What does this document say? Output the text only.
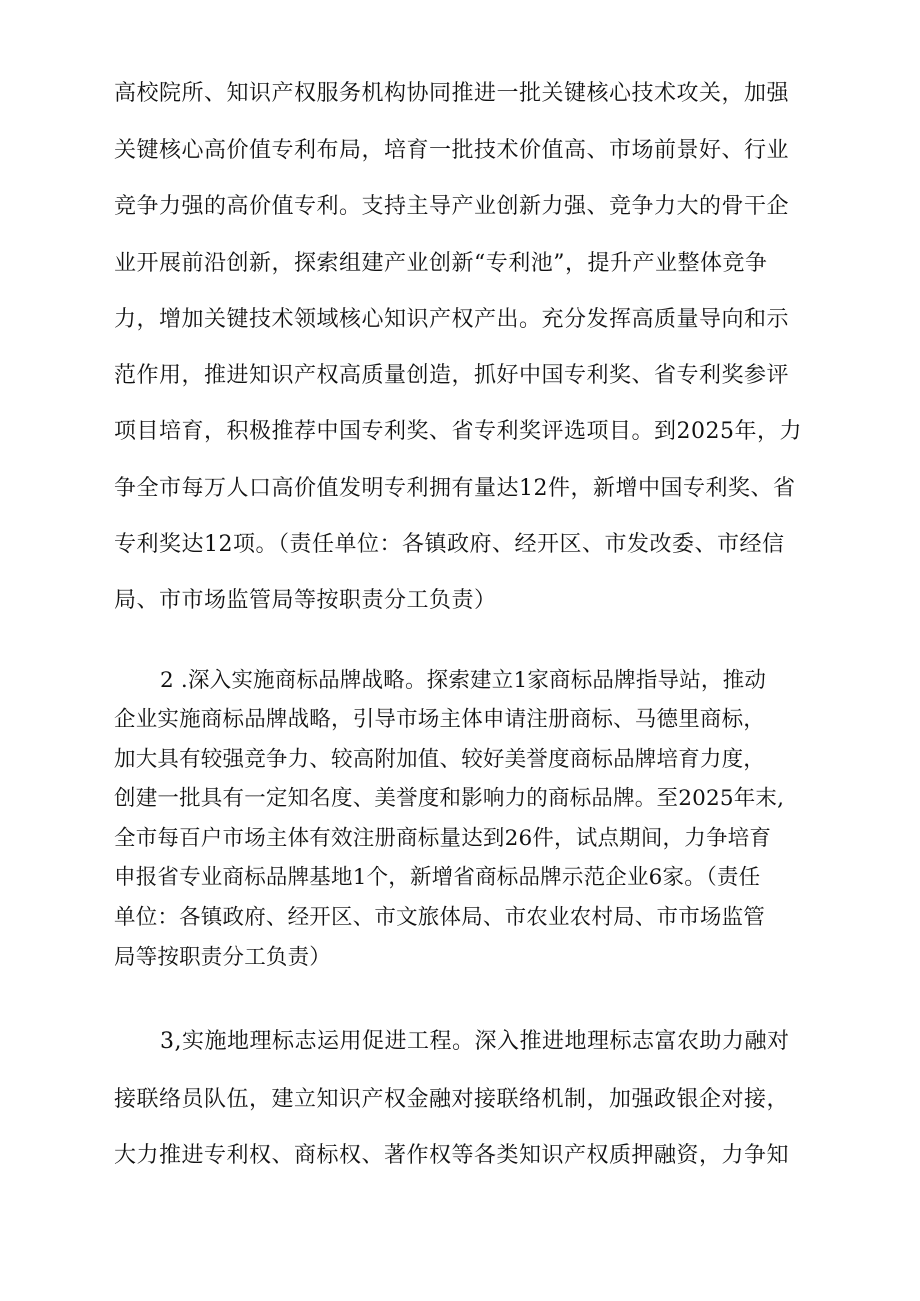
高校院所、知识产权服务机构协同推进一批关键核心技术攻关，加强
关键核心高价值专利布局，培育一批技术价值高、市场前景好、行业
竞争力强的高价值专利。支持主导产业创新力强、竞争力大的骨干企
业开展前沿创新，探索组建产业创新“专利池”，提升产业整体竞争
力，增加关键技术领域核心知识产权产出。充分发挥高质量导向和示
范作用，推进知识产权高质量创造，抓好中国专利奖、省专利奖参评
项目培育，积极推荐中国专利奖、省专利奖评选项目。到2025年，力
争全市每万人口高价值发明专利拥有量达12件，新增中国专利奖、省
专利奖达12项。（责任单位：各镇政府、经开区、市发改委、市经信
局、市市场监管局等按职责分工负责）
2 .深入实施商标品牌战略。探索建立1家商标品牌指导站，推动
企业实施商标品牌战略，引导市场主体申请注册商标、马德里商标，
加大具有较强竞争力、较高附加值、较好美誉度商标品牌培育力度，
创建一批具有一定知名度、美誉度和影响力的商标品牌。至2025年末,
全市每百户市场主体有效注册商标量达到26件，试点期间，力争培育
申报省专业商标品牌基地1个，新增省商标品牌示范企业6家。（责任
单位：各镇政府、经开区、市文旅体局、市农业农村局、市市场监管
局等按职责分工负责）
3,实施地理标志运用促进工程。深入推进地理标志富农助力融对
接联络员队伍，建立知识产权金融对接联络机制，加强政银企对接，
大力推进专利权、商标权、著作权等各类知识产权质押融资，力争知
